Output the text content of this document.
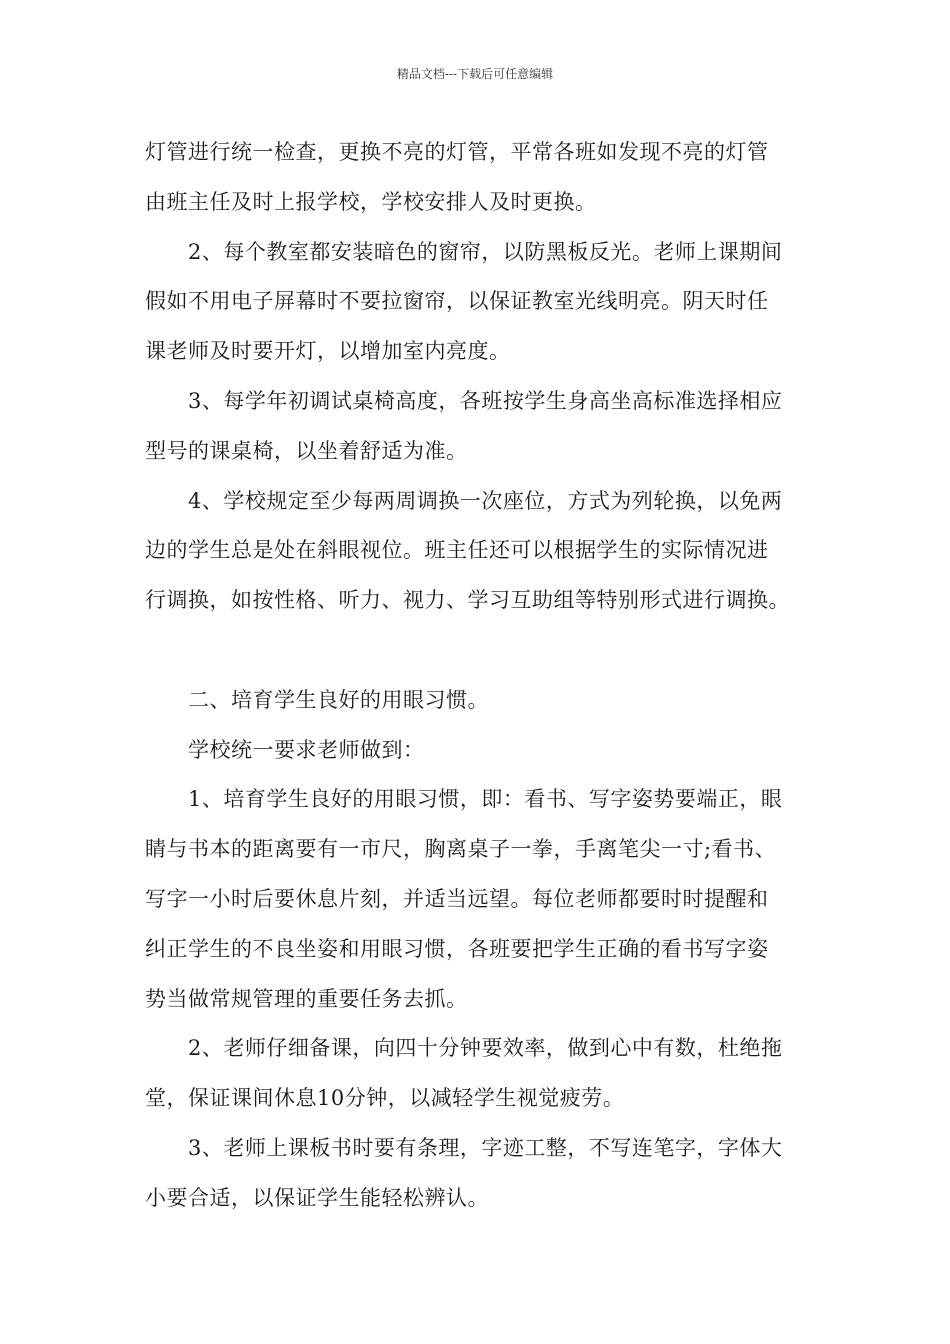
精品文档---下载后可任意编辑
灯管进行统一检查，更换不亮的灯管，平常各班如发现不亮的灯管
由班主任及时上报学校，学校安排人及时更换。
2、每个教室都安装暗色的窗帘，以防黑板反光。老师上课期间
假如不用电子屏幕时不要拉窗帘，以保证教室光线明亮。阴天时任
课老师及时要开灯，以增加室内亮度。
3、每学年初调试桌椅高度，各班按学生身高坐高标准选择相应
型号的课桌椅，以坐着舒适为准。
4、学校规定至少每两周调换一次座位，方式为列轮换，以免两
边的学生总是处在斜眼视位。班主任还可以根据学生的实际情况进
行调换，如按性格、听力、视力、学习互助组等特别形式进行调换。
二、培育学生良好的用眼习惯。
学校统一要求老师做到：
1、培育学生良好的用眼习惯，即：看书、写字姿势要端正，眼
睛与书本的距离要有一市尺，胸离桌子一拳，手离笔尖一寸;看书、
写字一小时后要休息片刻，并适当远望。每位老师都要时时提醒和
纠正学生的不良坐姿和用眼习惯，各班要把学生正确的看书写字姿
势当做常规管理的重要任务去抓。
2、老师仔细备课，向四十分钟要效率，做到心中有数，杜绝拖
堂，保证课间休息10分钟，以减轻学生视觉疲劳。
3、老师上课板书时要有条理，字迹工整，不写连笔字，字体大
小要合适，以保证学生能轻松辨认。
